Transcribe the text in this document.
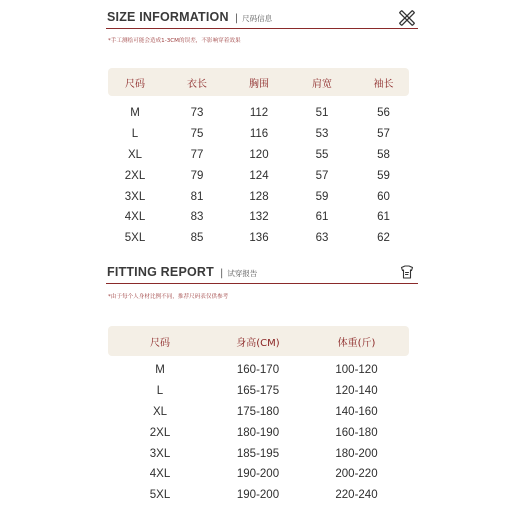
SIZE INFORMATION | 尺码信息
*手工测绘可能会造成1-3CM的误差，不影响穿着效果
尺码	衣长	胸围	肩宽	袖长
M	73	112	51	56
L	75	116	53	57
XL	77	120	55	58
2XL	79	124	57	59
3XL	81	128	59	60
4XL	83	132	61	61
5XL	85	136	63	62
FITTING REPORT | 试穿报告
*由于每个人身材比例不同，推荐尺码表仅供参考
尺码	身高(CM)	体重(斤)
M	160-170	100-120
L	165-175	120-140
XL	175-180	140-160
2XL	180-190	160-180
3XL	185-195	180-200
4XL	190-200	200-220
5XL	190-200	220-240
